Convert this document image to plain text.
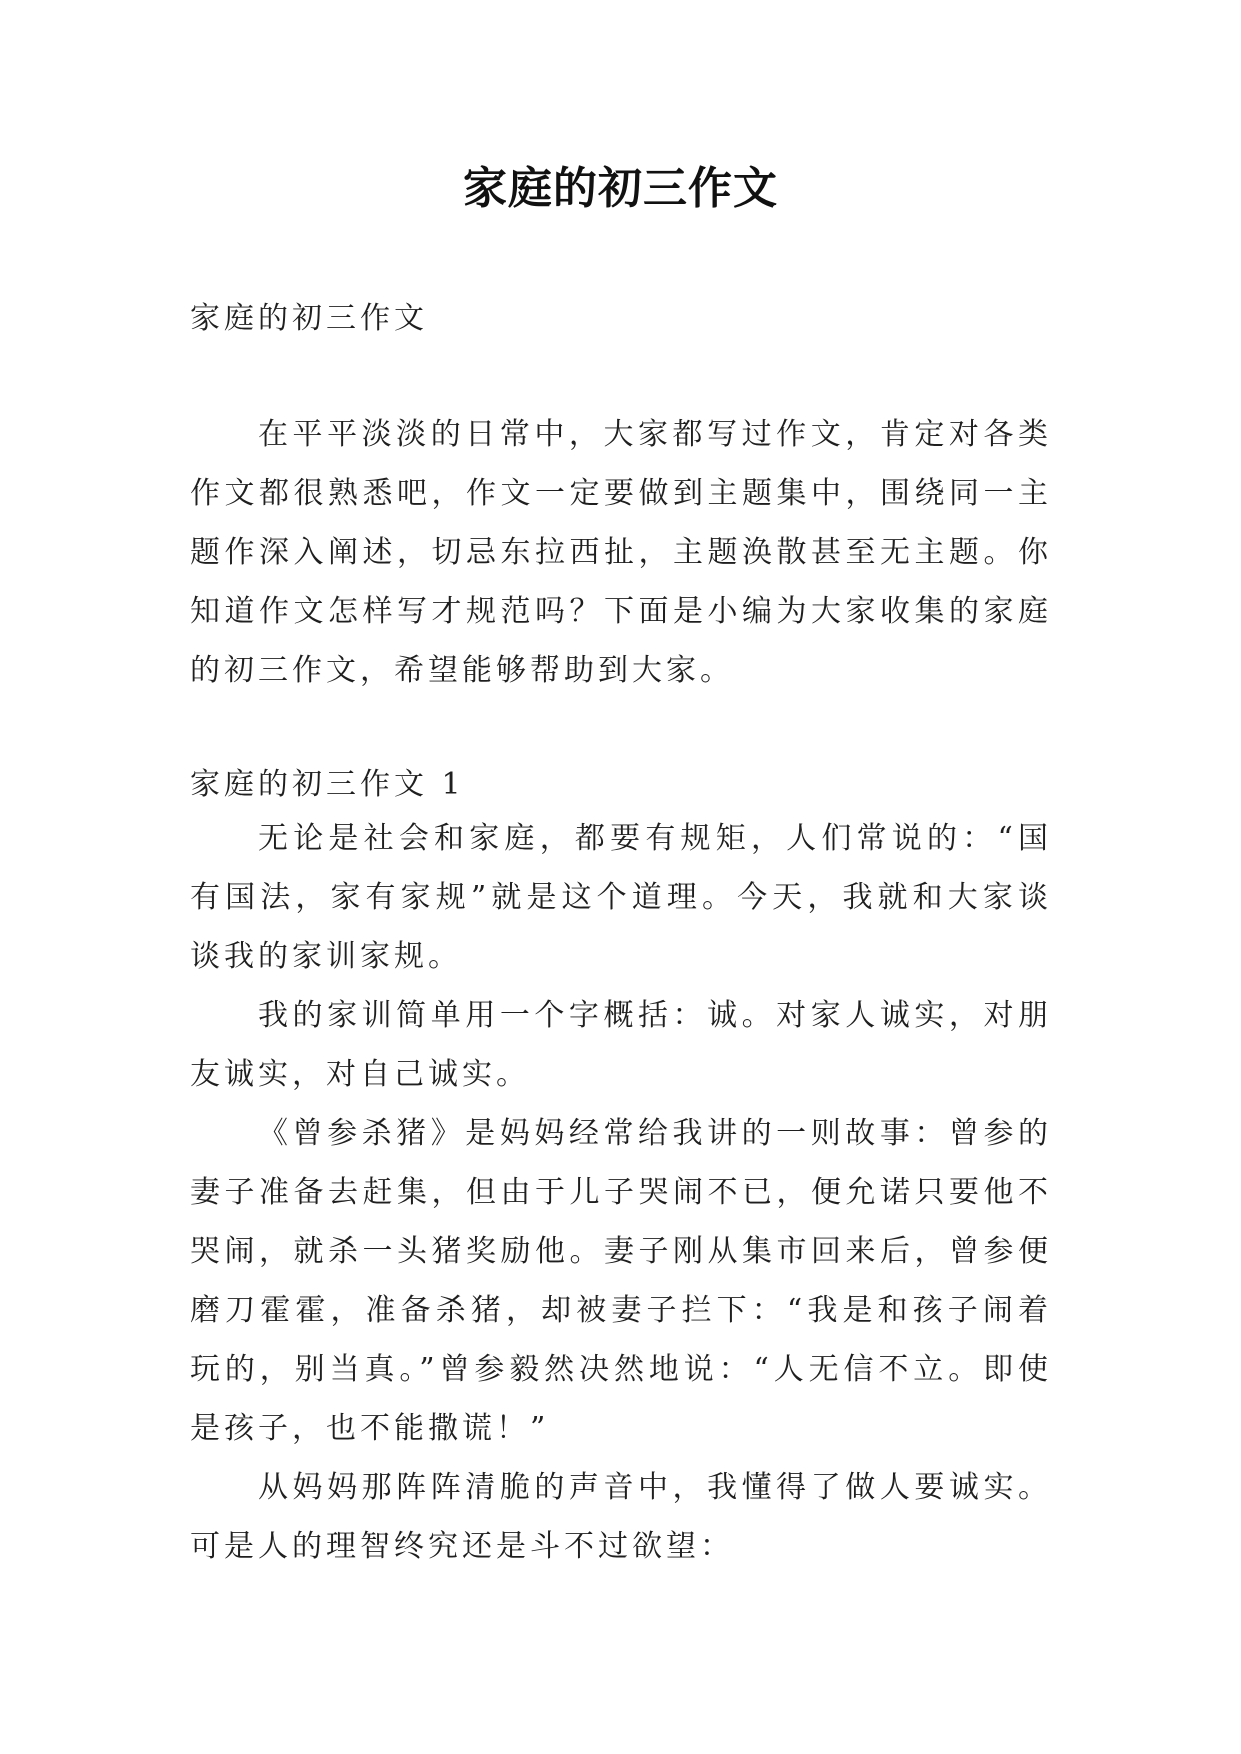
家庭的初三作文
家庭的初三作文

在平平淡淡的日常中，大家都写过作文，肯定对各类作文都很熟悉吧，作文一定要做到主题集中，围绕同一主题作深入阐述，切忌东拉西扯，主题涣散甚至无主题。你知道作文怎样写才规范吗？下面是小编为大家收集的家庭的初三作文，希望能够帮助到大家。

家庭的初三作文 1

无论是社会和家庭，都要有规矩，人们常说的：“国有国法，家有家规”就是这个道理。今天，我就和大家谈谈我的家训家规。

我的家训简单用一个字概括：诚。对家人诚实，对朋友诚实，对自己诚实。

《曾参杀猪》是妈妈经常给我讲的一则故事：曾参的妻子准备去赶集，但由于儿子哭闹不已，便允诺只要他不哭闹，就杀一头猪奖励他。妻子刚从集市回来后，曾参便磨刀霍霍，准备杀猪，却被妻子拦下：“我是和孩子闹着玩的，别当真。”曾参毅然决然地说：“人无信不立。即使是孩子，也不能撒谎！”

从妈妈那阵阵清脆的声音中，我懂得了做人要诚实。可是人的理智终究还是斗不过欲望：
